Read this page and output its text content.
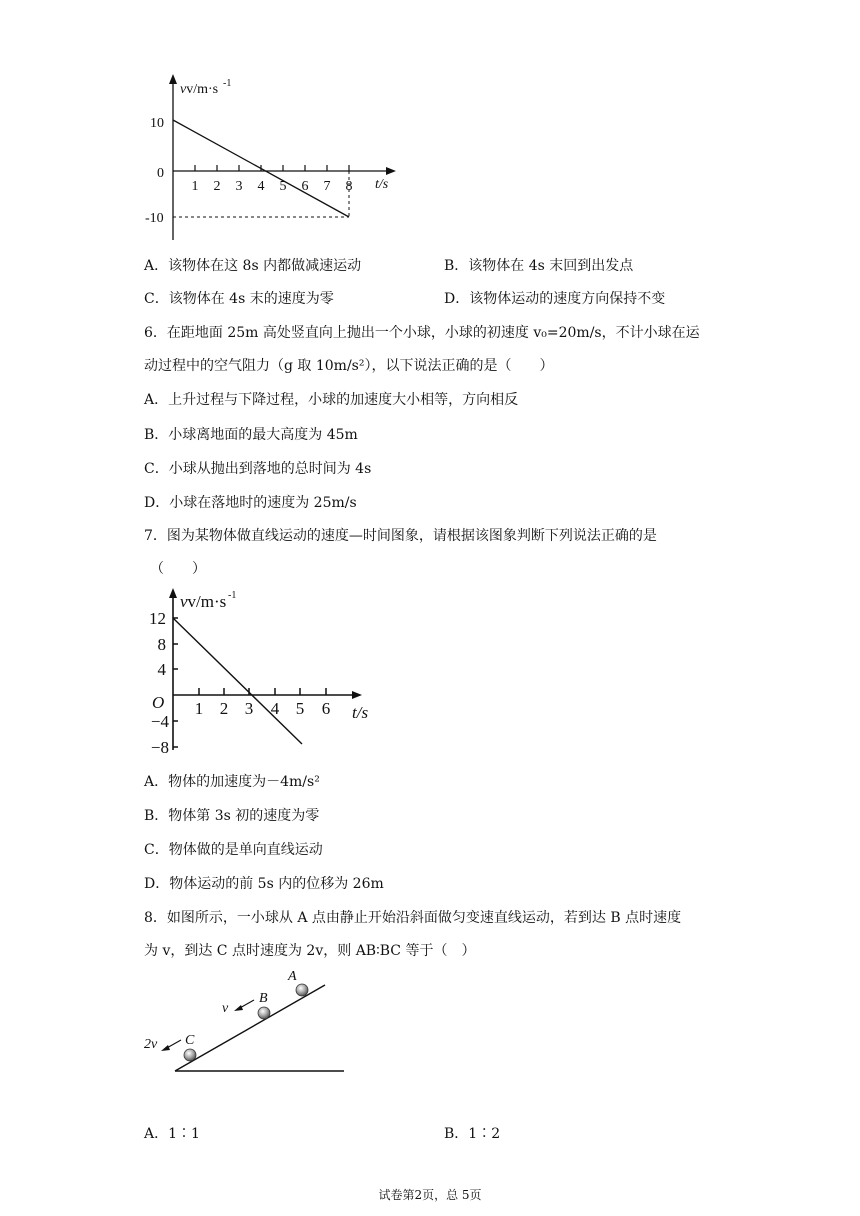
vv/m·s -1
10
0
-10
1 2 3 4 5 6 7 8 t/s
A．该物体在这 8s 内都做减速运动	B．该物体在 4s 末回到出发点
C．该物体在 4s 末的速度为零	D．该物体运动的速度方向保持不变
6．在距地面 25m 高处竖直向上抛出一个小球，小球的初速度 v₀=20m/s，不计小球在运
动过程中的空气阻力（g 取 10m/s²），以下说法正确的是（　　）
A．上升过程与下降过程，小球的加速度大小相等，方向相反
B．小球离地面的最大高度为 45m
C．小球从抛出到落地的总时间为 4s
D．小球在落地时的速度为 25m/s
7．图为某物体做直线运动的速度—时间图象，请根据该图象判断下列说法正确的是
（　　）
vv/m·s -1
12
8
4
−4
−8
O 1 2 3 4 5 6 t/s
A．物体的加速度为－4m/s²
B．物体第 3s 初的速度为零
C．物体做的是单向直线运动
D．物体运动的前 5s 内的位移为 26m
8．如图所示，一小球从 A 点由静止开始沿斜面做匀变速直线运动，若到达 B 点时速度
为 v，到达 C 点时速度为 2v，则 AB∶BC 等于（　）
A
B
C
v
2v
A．1∶1	B．1∶2
试卷第2页，总 5页
